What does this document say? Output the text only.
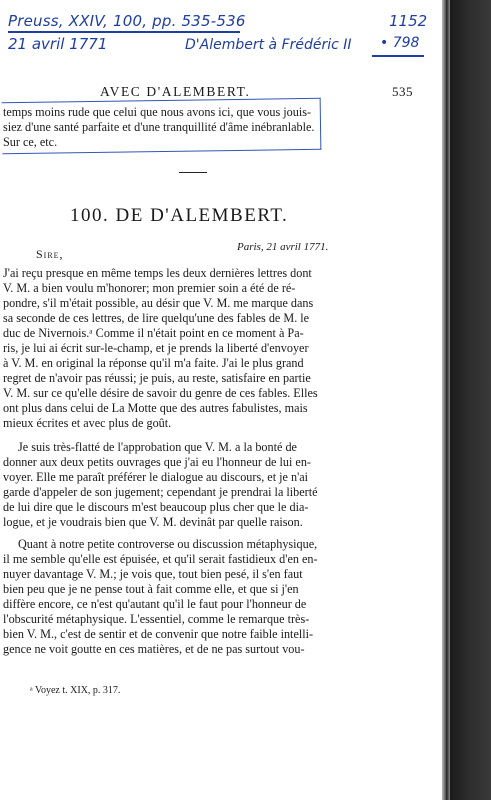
Preuss, XXIV, 100, pp. 535-536
21 avril 1771	D'Alembert à Frédéric II
1152
• 798
AVEC D'ALEMBERT.	535
temps moins rude que celui que nous avons ici, que vous jouis-
siez d'une santé parfaite et d'une tranquillité d'âme inébranlable.
Sur ce, etc.
100. DE D'ALEMBERT.
Paris, 21 avril 1771.
Sire,
J'ai reçu presque en même temps les deux dernières lettres dont
V. M. a bien voulu m'honorer; mon premier soin a été de ré-
pondre, s'il m'était possible, au désir que V. M. me marque dans
sa seconde de ces lettres, de lire quelqu'une des fables de M. le
duc de Nivernois.ᵃ Comme il n'était point en ce moment à Pa-
ris, je lui ai écrit sur-le-champ, et je prends la liberté d'envoyer
à V. M. en original la réponse qu'il m'a faite. J'ai le plus grand
regret de n'avoir pas réussi; je puis, au reste, satisfaire en partie
V. M. sur ce qu'elle désire de savoir du genre de ces fables. Elles
ont plus dans celui de La Motte que des autres fabulistes, mais
mieux écrites et avec plus de goût.
Je suis très-flatté de l'approbation que V. M. a la bonté de
donner aux deux petits ouvrages que j'ai eu l'honneur de lui en-
voyer. Elle me paraît préférer le dialogue au discours, et je n'ai
garde d'appeler de son jugement; cependant je prendrai la liberté
de lui dire que le discours m'est beaucoup plus cher que le dia-
logue, et je voudrais bien que V. M. devinât par quelle raison.
Quant à notre petite controverse ou discussion métaphysique,
il me semble qu'elle est épuisée, et qu'il serait fastidieux d'en en-
nuyer davantage V. M.; je vois que, tout bien pesé, il s'en faut
bien peu que je ne pense tout à fait comme elle, et que si j'en
diffère encore, ce n'est qu'autant qu'il le faut pour l'honneur de
l'obscurité métaphysique. L'essentiel, comme le remarque très-
bien V. M., c'est de sentir et de convenir que notre faible intelli-
gence ne voit goutte en ces matières, et de ne pas surtout vou-
ᵃ Voyez t. XIX, p. 317.
